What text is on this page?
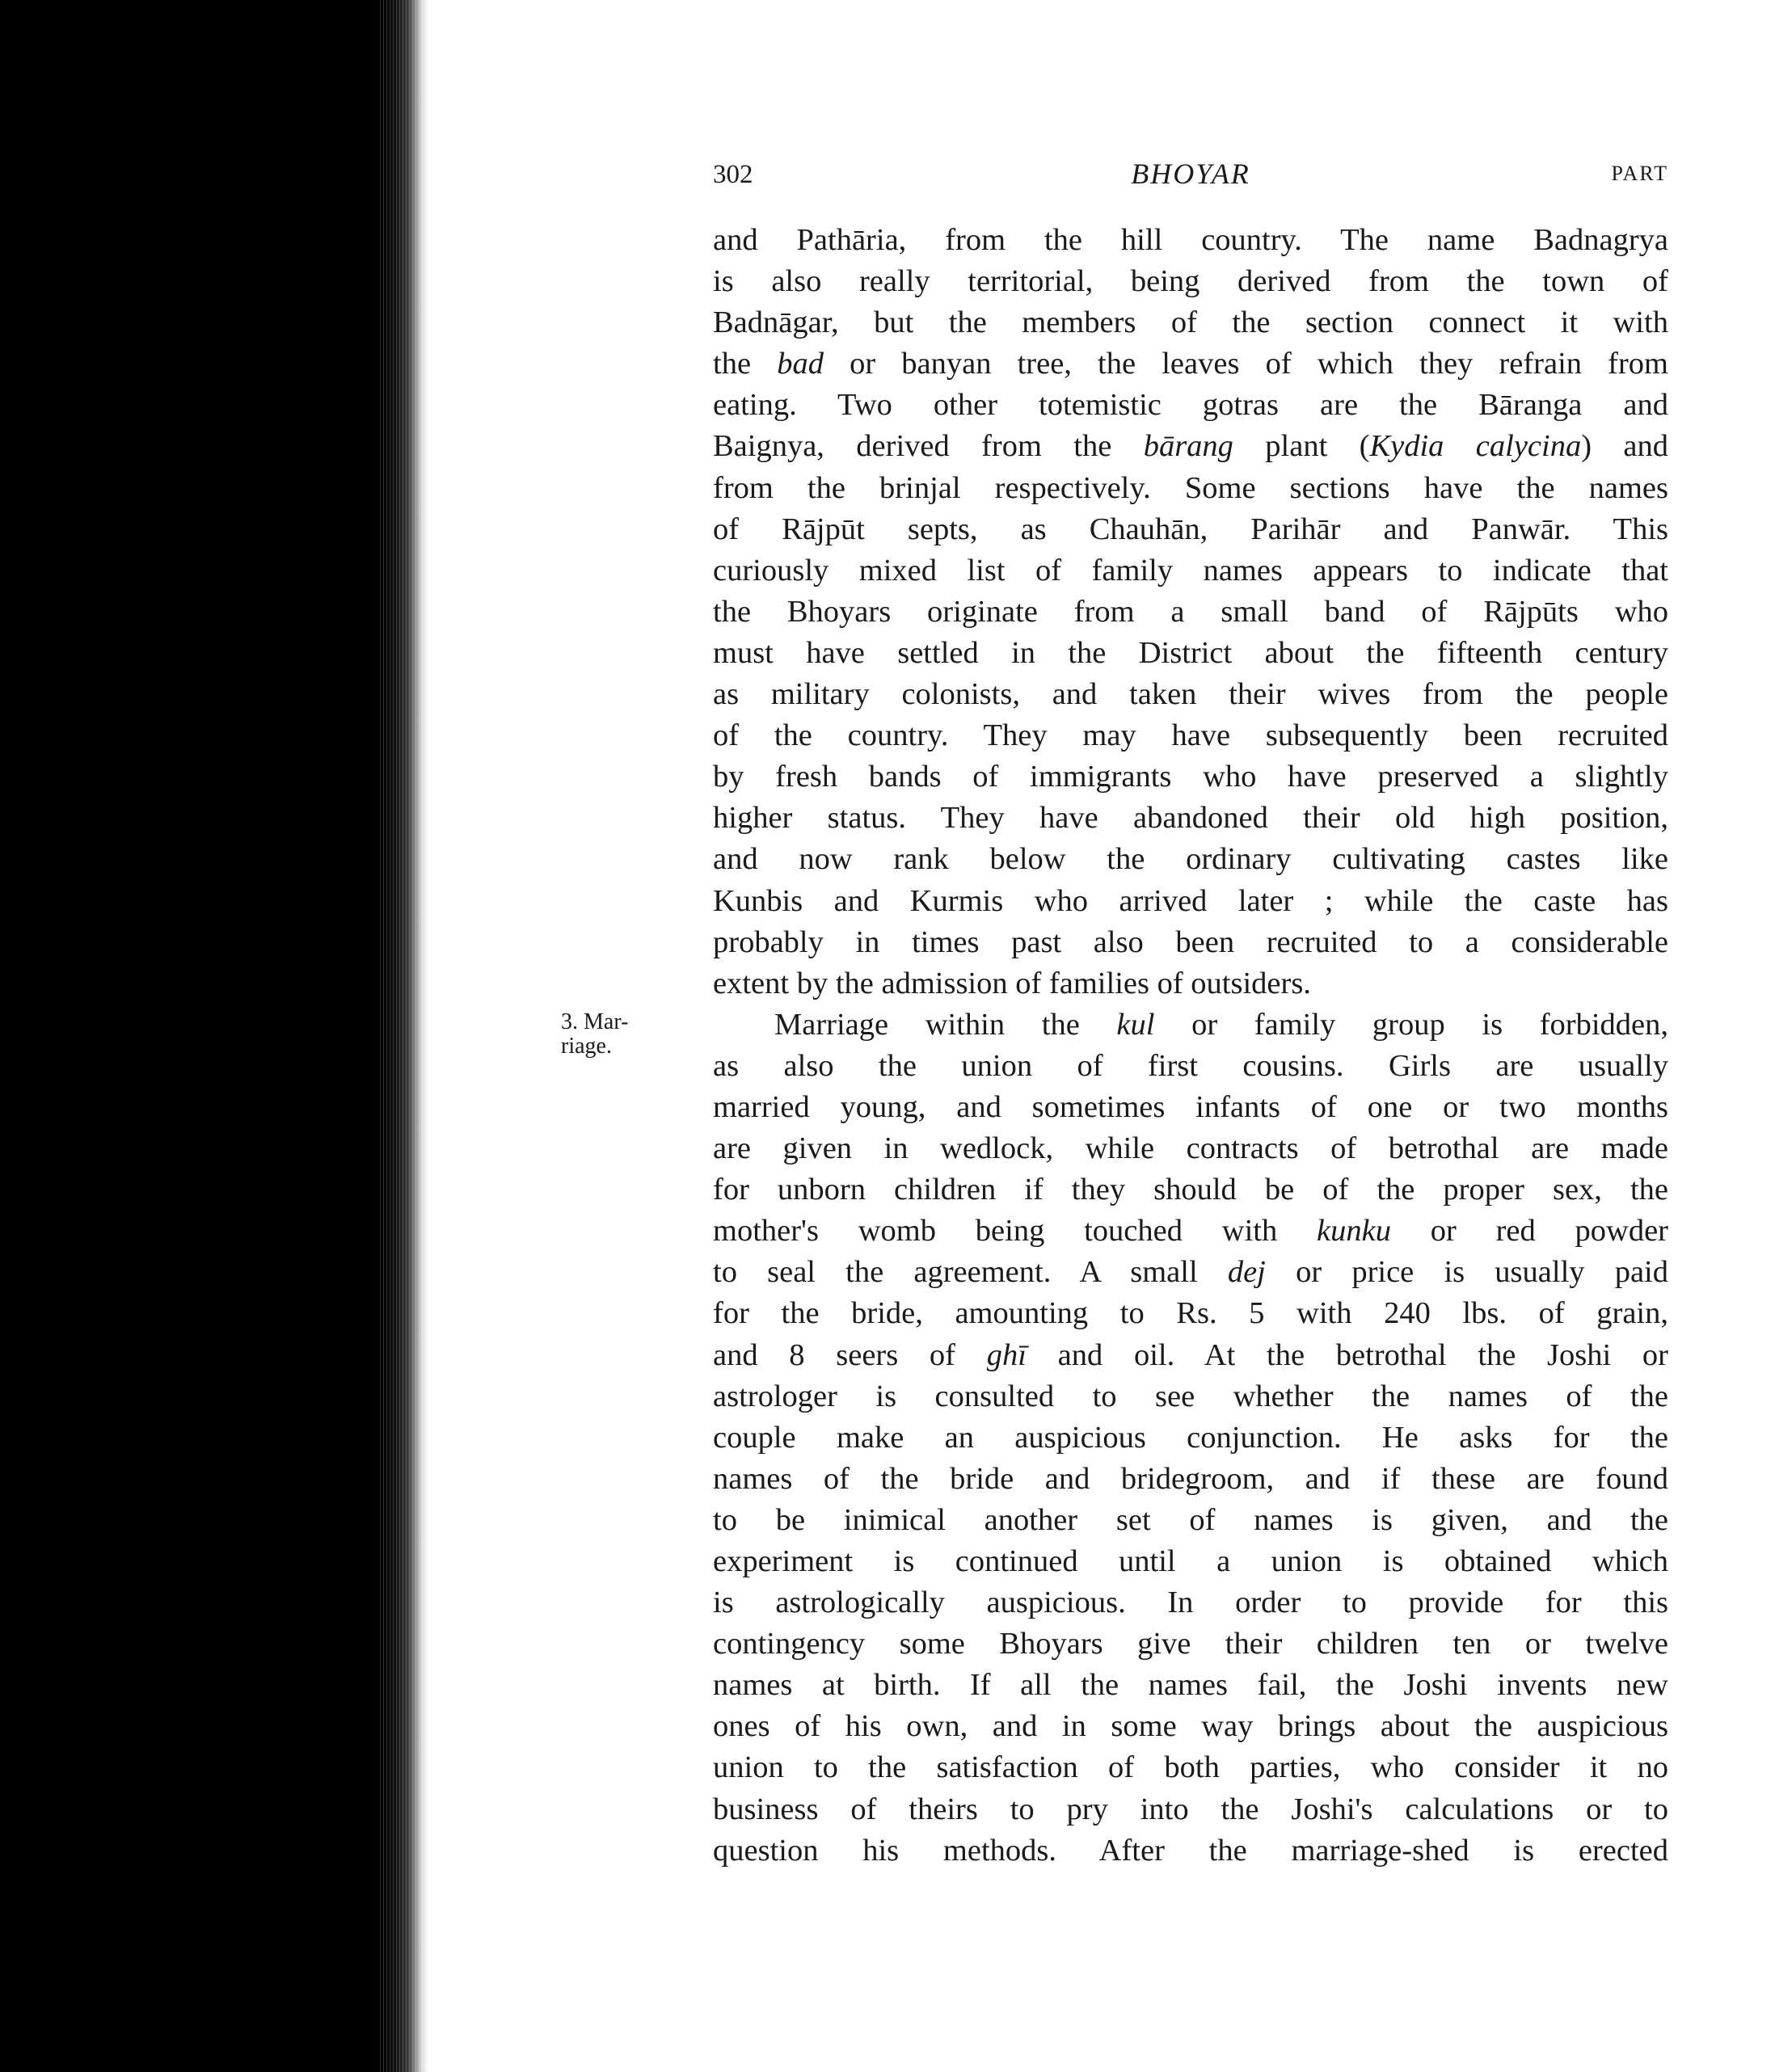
302	BHOYAR	PART
3. Mar-
riage.
and Pathāria, from the hill country. The name Badnagrya
is also really territorial, being derived from the town of
Badnāgar, but the members of the section connect it with
the bad or banyan tree, the leaves of which they refrain from
eating. Two other totemistic gotras are the Bāranga and
Baignya, derived from the bārang plant (Kydia calycina) and
from the brinjal respectively. Some sections have the names
of Rājpūt septs, as Chauhān, Parihār and Panwār. This
curiously mixed list of family names appears to indicate that
the Bhoyars originate from a small band of Rājpūts who
must have settled in the District about the fifteenth century
as military colonists, and taken their wives from the people
of the country. They may have subsequently been recruited
by fresh bands of immigrants who have preserved a slightly
higher status. They have abandoned their old high position,
and now rank below the ordinary cultivating castes like
Kunbis and Kurmis who arrived later ; while the caste has
probably in times past also been recruited to a considerable
extent by the admission of families of outsiders.
Marriage within the kul or family group is forbidden,
as also the union of first cousins. Girls are usually
married young, and sometimes infants of one or two months
are given in wedlock, while contracts of betrothal are made
for unborn children if they should be of the proper sex, the
mother's womb being touched with kunku or red powder
to seal the agreement. A small dej or price is usually paid
for the bride, amounting to Rs. 5 with 240 lbs. of grain,
and 8 seers of ghī and oil. At the betrothal the Joshi or
astrologer is consulted to see whether the names of the
couple make an auspicious conjunction. He asks for the
names of the bride and bridegroom, and if these are found
to be inimical another set of names is given, and the
experiment is continued until a union is obtained which
is astrologically auspicious. In order to provide for this
contingency some Bhoyars give their children ten or twelve
names at birth. If all the names fail, the Joshi invents new
ones of his own, and in some way brings about the auspicious
union to the satisfaction of both parties, who consider it no
business of theirs to pry into the Joshi's calculations or to
question his methods. After the marriage-shed is erected
